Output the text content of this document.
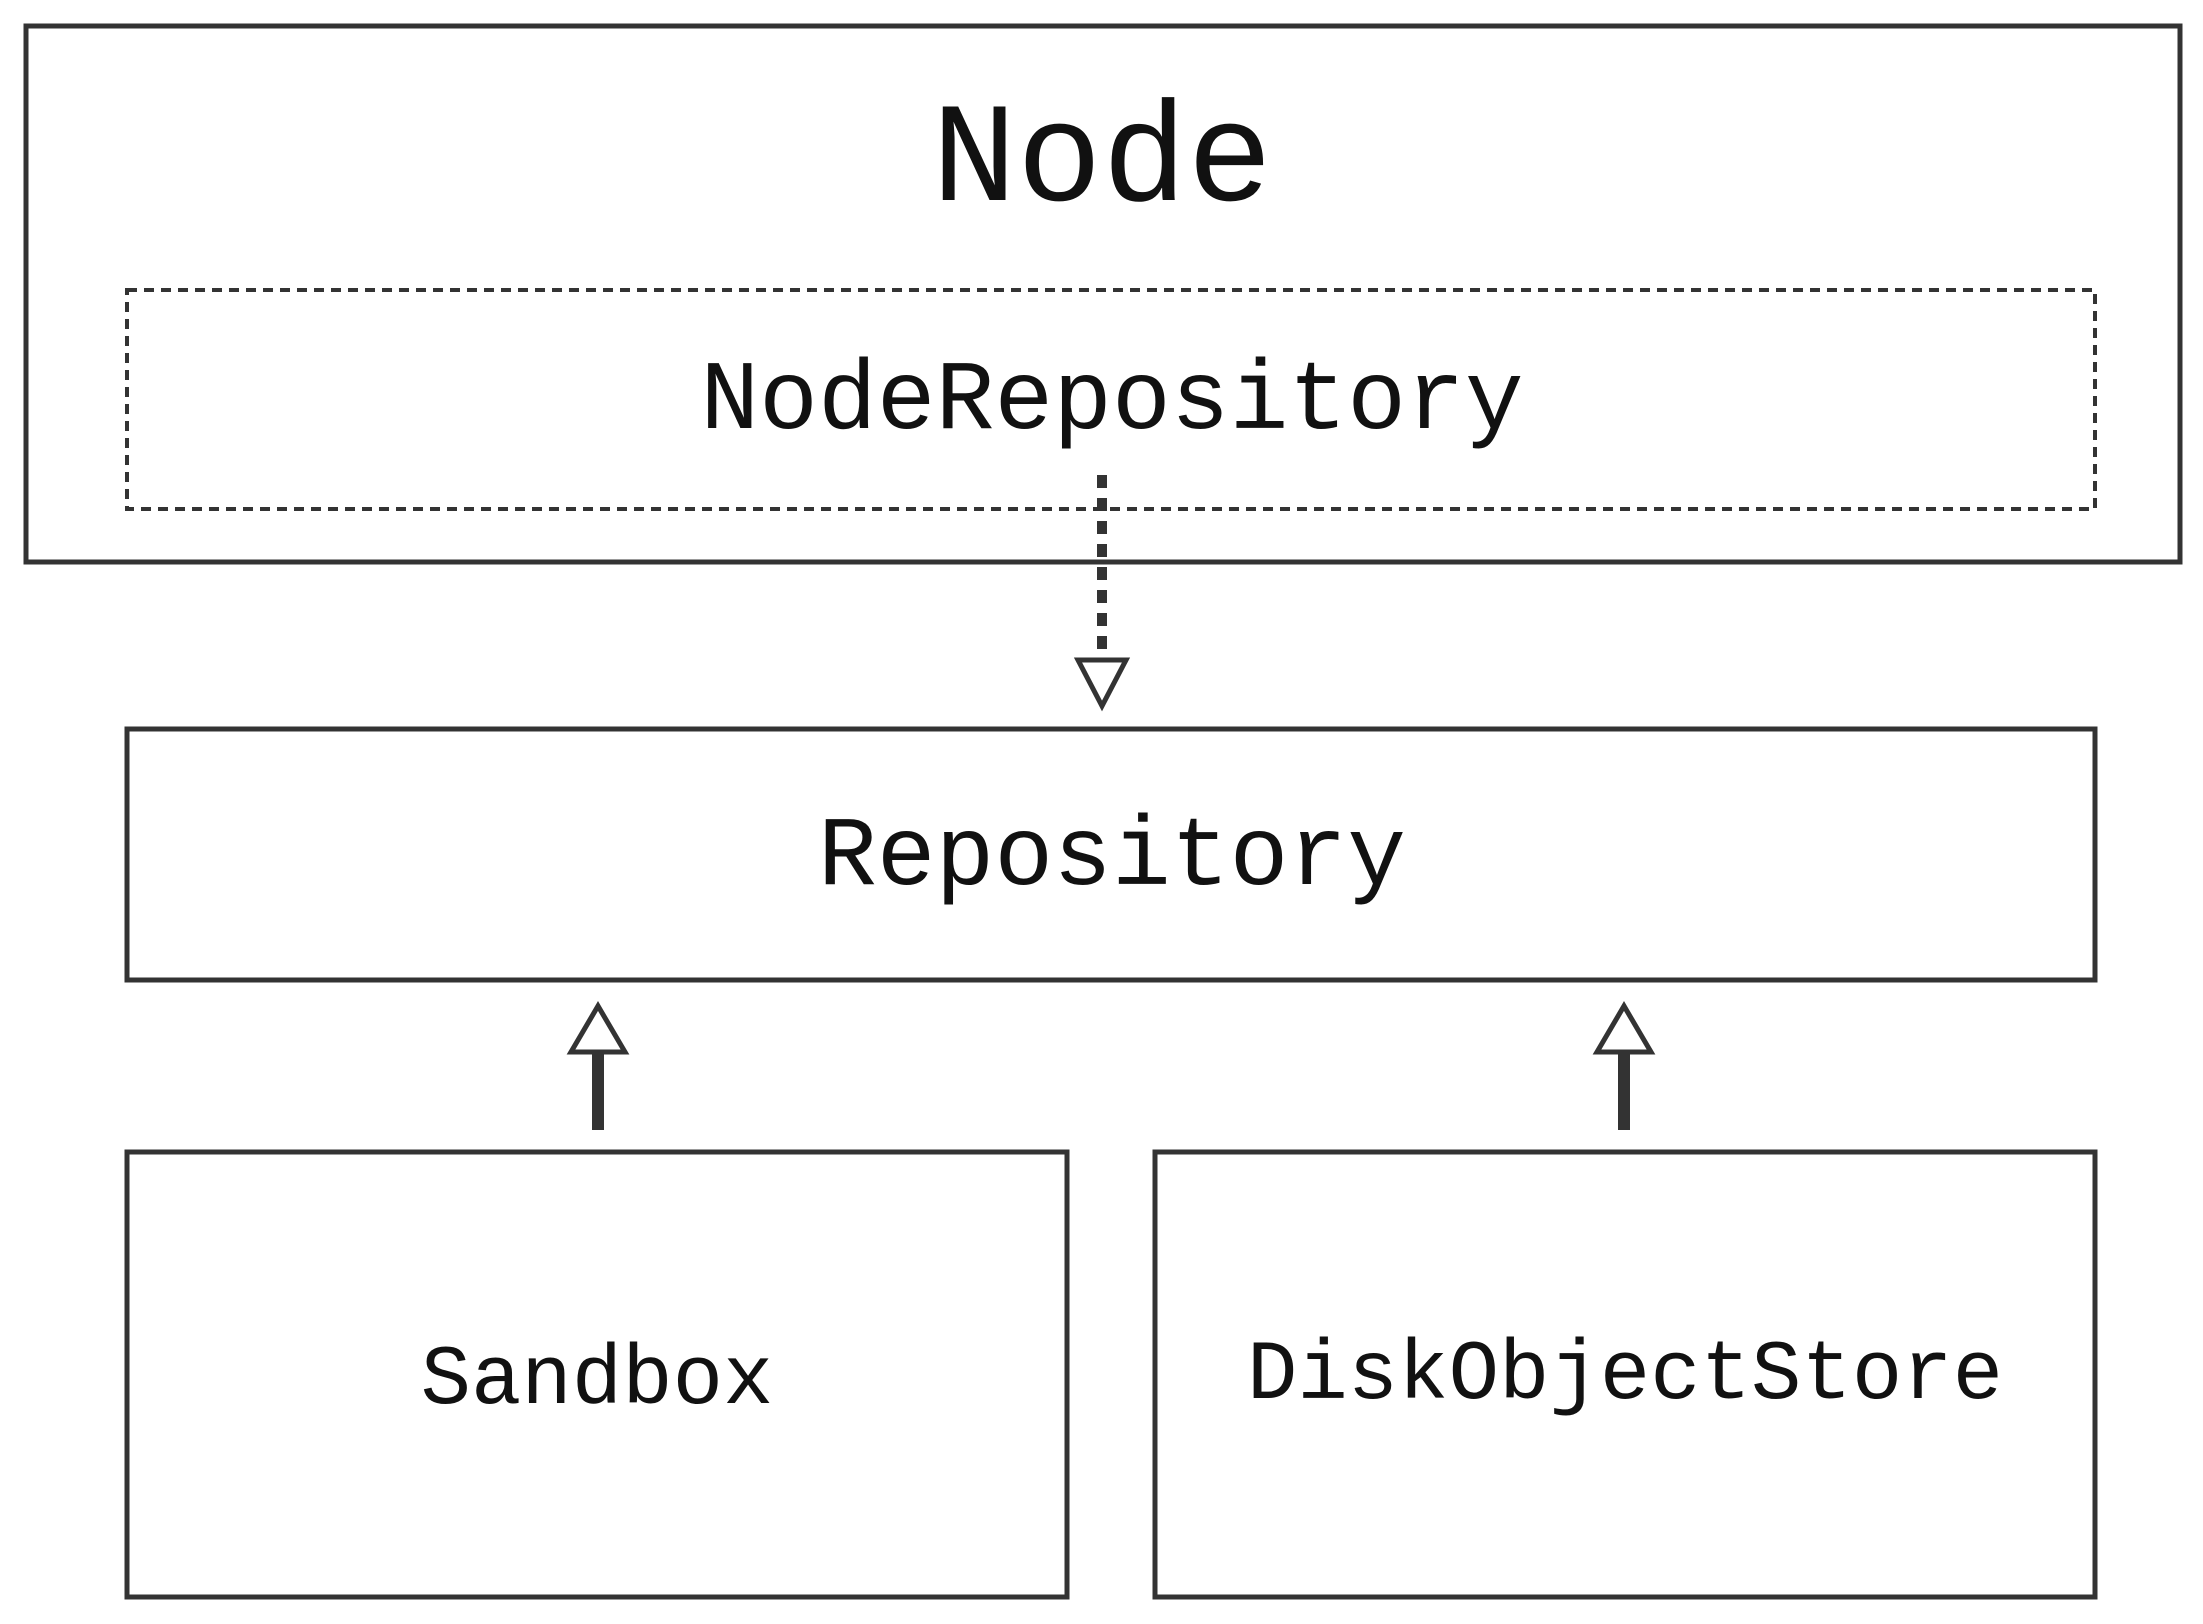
Node
NodeRepository
Repository
Sandbox	DiskObjectStore
